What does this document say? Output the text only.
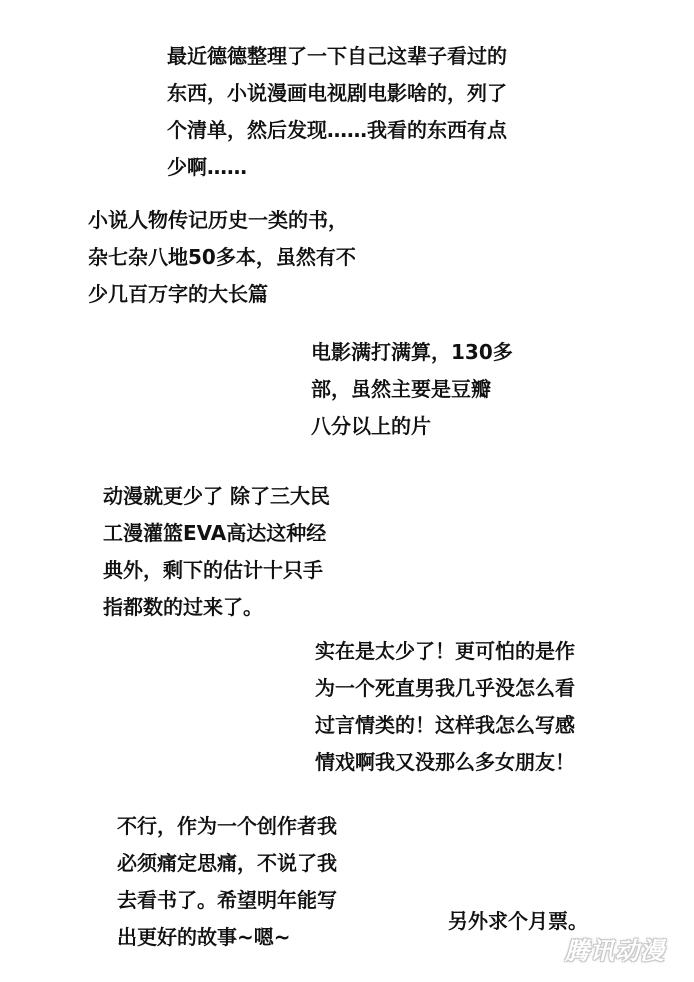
最近德德整理了一下自己这辈子看过的
东西，小说漫画电视剧电影啥的，列了
个清单，然后发现……我看的东西有点
少啊……
小说人物传记历史一类的书，
杂七杂八地50多本，虽然有不
少几百万字的大长篇
电影满打满算，130多
部，虽然主要是豆瓣
八分以上的片
动漫就更少了 除了三大民
工漫灌篮EVA高达这种经
典外，剩下的估计十只手
指都数的过来了。
实在是太少了！更可怕的是作
为一个死直男我几乎没怎么看
过言情类的！这样我怎么写感
情戏啊我又没那么多女朋友！
不行，作为一个创作者我
必须痛定思痛，不说了我
去看书了。希望明年能写
出更好的故事~嗯~
另外求个月票。
腾讯动漫
